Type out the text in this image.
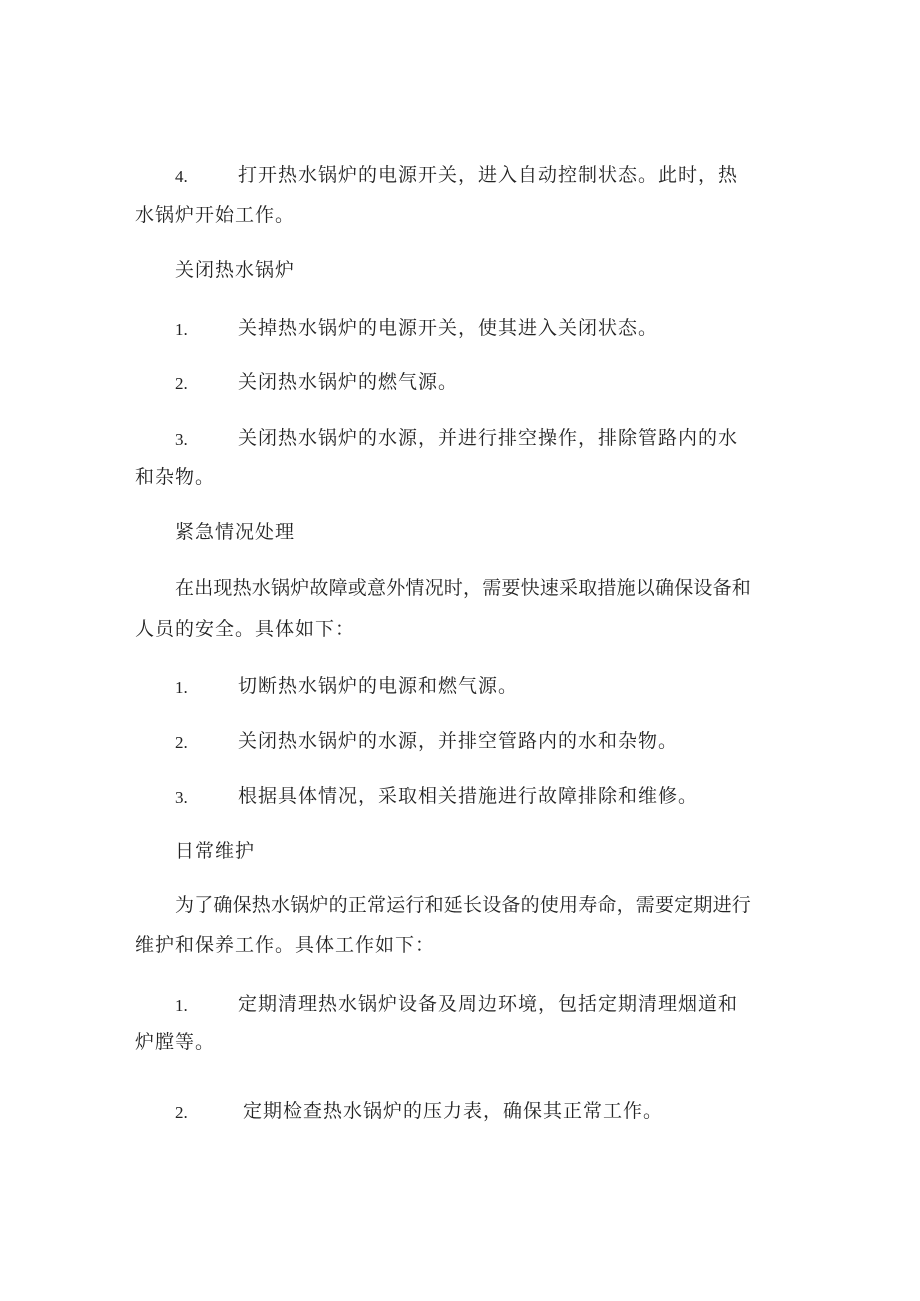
4.	打开热水锅炉的电源开关，进入自动控制状态。此时，热
水锅炉开始工作。
关闭热水锅炉
1.	关掉热水锅炉的电源开关，使其进入关闭状态。
2.	关闭热水锅炉的燃气源。
3.	关闭热水锅炉的水源，并进行排空操作，排除管路内的水
和杂物。
紧急情况处理
在出现热水锅炉故障或意外情况时，需要快速采取措施以确保设备和
人员的安全。具体如下：
1.	切断热水锅炉的电源和燃气源。
2.	关闭热水锅炉的水源，并排空管路内的水和杂物。
3.	根据具体情况，采取相关措施进行故障排除和维修。
日常维护
为了确保热水锅炉的正常运行和延长设备的使用寿命，需要定期进行
维护和保养工作。具体工作如下：
1.	定期清理热水锅炉设备及周边环境，包括定期清理烟道和
炉膛等。
2.	定期检查热水锅炉的压力表，确保其正常工作。
